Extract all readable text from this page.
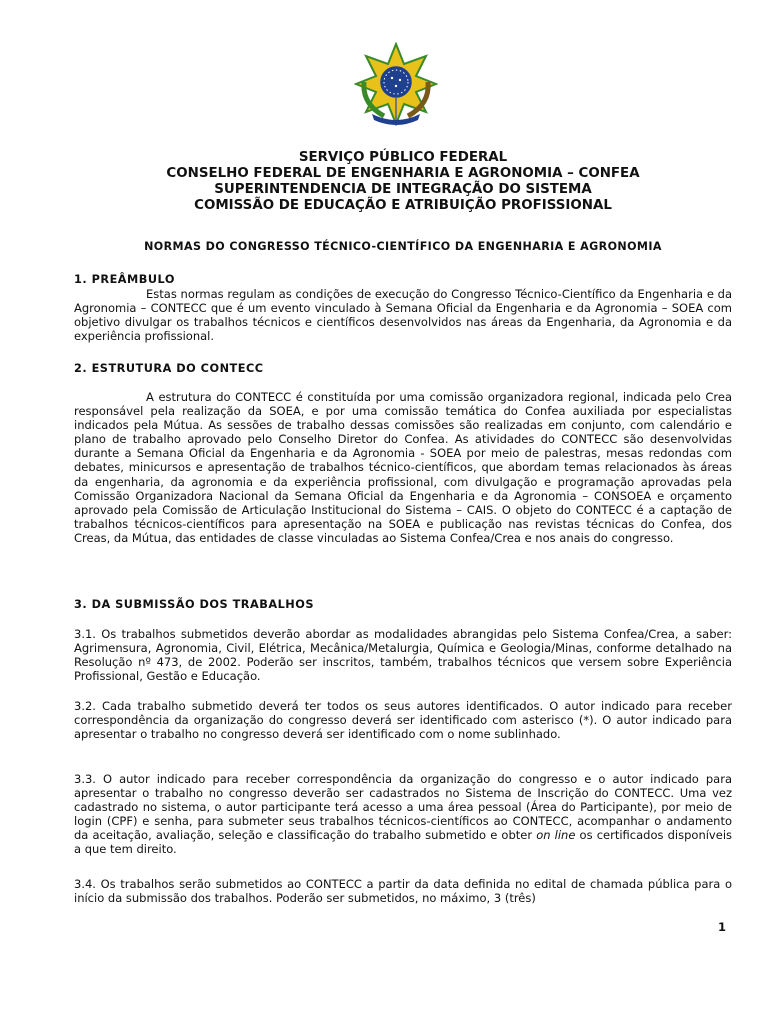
SERVIÇO PÚBLICO FEDERAL
CONSELHO FEDERAL DE ENGENHARIA E AGRONOMIA – CONFEA
SUPERINTENDENCIA DE INTEGRAÇÃO DO SISTEMA
COMISSÃO DE EDUCAÇÃO E ATRIBUIÇÃO PROFISSIONAL
NORMAS DO CONGRESSO TÉCNICO-CIENTÍFICO DA ENGENHARIA E AGRONOMIA
1. PREÂMBULO
Estas normas regulam as condições de execução do Congresso Técnico-Científico da Engenharia e da Agronomia – CONTECC que é um evento vinculado à Semana Oficial da Engenharia e da Agronomia – SOEA com objetivo divulgar os trabalhos técnicos e científicos desenvolvidos nas áreas da Engenharia, da Agronomia e da experiência profissional.
2. ESTRUTURA DO CONTECC
A estrutura do CONTECC é constituída por uma comissão organizadora regional, indicada pelo Crea responsável pela realização da SOEA, e por uma comissão temática do Confea auxiliada por especialistas indicados pela Mútua. As sessões de trabalho dessas comissões são realizadas em conjunto, com calendário e plano de trabalho aprovado pelo Conselho Diretor do Confea. As atividades do CONTECC são desenvolvidas durante a Semana Oficial da Engenharia e da Agronomia - SOEA por meio de palestras, mesas redondas com debates, minicursos e apresentação de trabalhos técnico-científicos, que abordam temas relacionados às áreas da engenharia, da agronomia e da experiência profissional, com divulgação e programação aprovadas pela Comissão Organizadora Nacional da Semana Oficial da Engenharia e da Agronomia – CONSOEA e orçamento aprovado pela Comissão de Articulação Institucional do Sistema – CAIS. O objeto do CONTECC é a captação de trabalhos técnicos-científicos para apresentação na SOEA e publicação nas revistas técnicas do Confea, dos Creas, da Mútua, das entidades de classe vinculadas ao Sistema Confea/Crea e nos anais do congresso.
3. DA SUBMISSÃO DOS TRABALHOS
3.1. Os trabalhos submetidos deverão abordar as modalidades abrangidas pelo Sistema Confea/Crea, a saber: Agrimensura, Agronomia, Civil, Elétrica, Mecânica/Metalurgia, Química e Geologia/Minas, conforme detalhado na Resolução nº 473, de 2002. Poderão ser inscritos, também, trabalhos técnicos que versem sobre Experiência Profissional, Gestão e Educação.
3.2. Cada trabalho submetido deverá ter todos os seus autores identificados. O autor indicado para receber correspondência da organização do congresso deverá ser identificado com asterisco (*). O autor indicado para apresentar o trabalho no congresso deverá ser identificado com o nome sublinhado.
3.3. O autor indicado para receber correspondência da organização do congresso e o autor indicado para apresentar o trabalho no congresso deverão ser cadastrados no Sistema de Inscrição do CONTECC. Uma vez cadastrado no sistema, o autor participante terá acesso a uma área pessoal (Área do Participante), por meio de login (CPF) e senha, para submeter seus trabalhos técnicos-científicos ao CONTECC, acompanhar o andamento da aceitação, avaliação, seleção e classificação do trabalho submetido e obter on line os certificados disponíveis a que tem direito.
3.4. Os trabalhos serão submetidos ao CONTECC a partir da data definida no edital de chamada pública para o início da submissão dos trabalhos. Poderão ser submetidos, no máximo, 3 (três)
1
